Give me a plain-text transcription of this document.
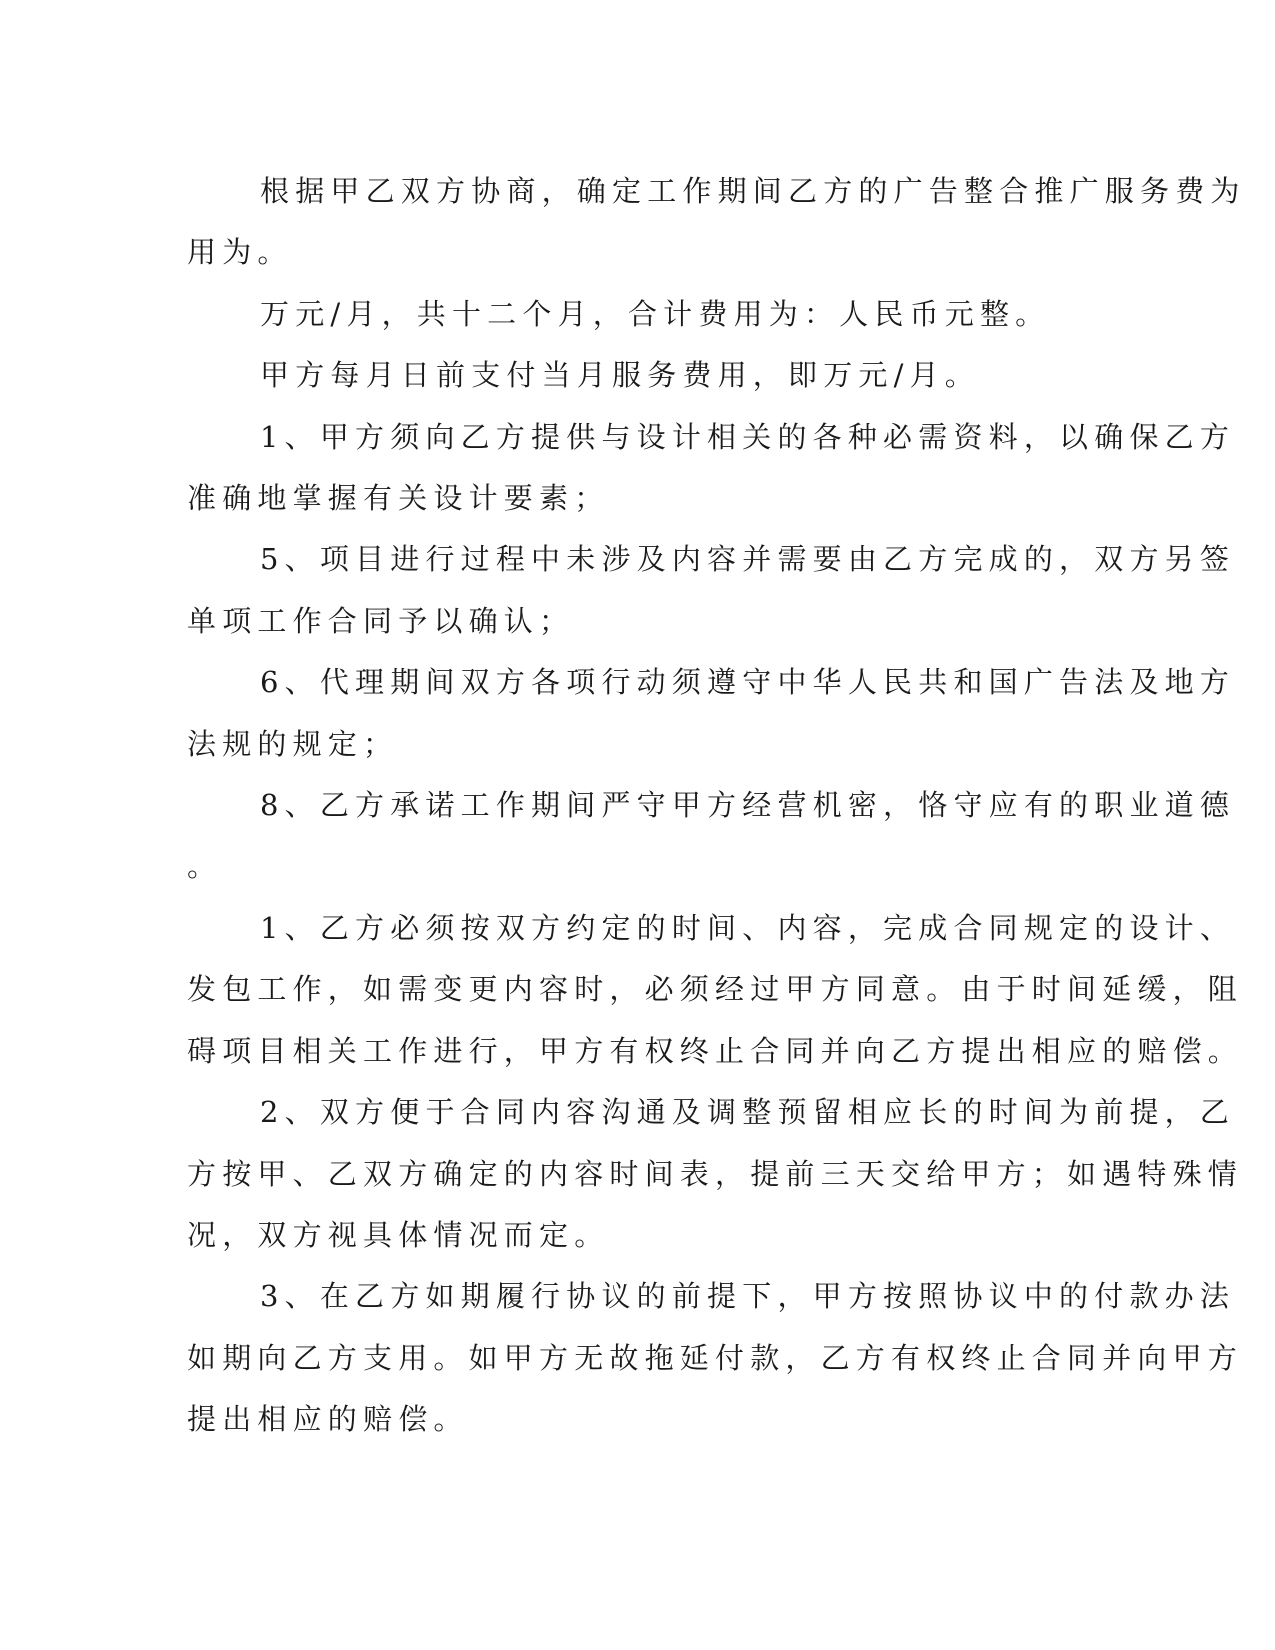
根据甲乙双方协商，确定工作期间乙方的广告整合推广服务费为
用为。

万元/月，共十二个月，合计费用为：人民币元整。

甲方每月日前支付当月服务费用，即万元/月。

1、甲方须向乙方提供与设计相关的各种必需资料，以确保乙方
准确地掌握有关设计要素；

5、项目进行过程中未涉及内容并需要由乙方完成的，双方另签
单项工作合同予以确认；

6、代理期间双方各项行动须遵守中华人民共和国广告法及地方
法规的规定；

8、乙方承诺工作期间严守甲方经营机密，恪守应有的职业道德
。

1、乙方必须按双方约定的时间、内容，完成合同规定的设计、
发包工作，如需变更内容时，必须经过甲方同意。由于时间延缓，阻
碍项目相关工作进行，甲方有权终止合同并向乙方提出相应的赔偿。

2、双方便于合同内容沟通及调整预留相应长的时间为前提，乙
方按甲、乙双方确定的内容时间表，提前三天交给甲方；如遇特殊情
况，双方视具体情况而定。

3、在乙方如期履行协议的前提下，甲方按照协议中的付款办法
如期向乙方支用。如甲方无故拖延付款，乙方有权终止合同并向甲方
提出相应的赔偿。
